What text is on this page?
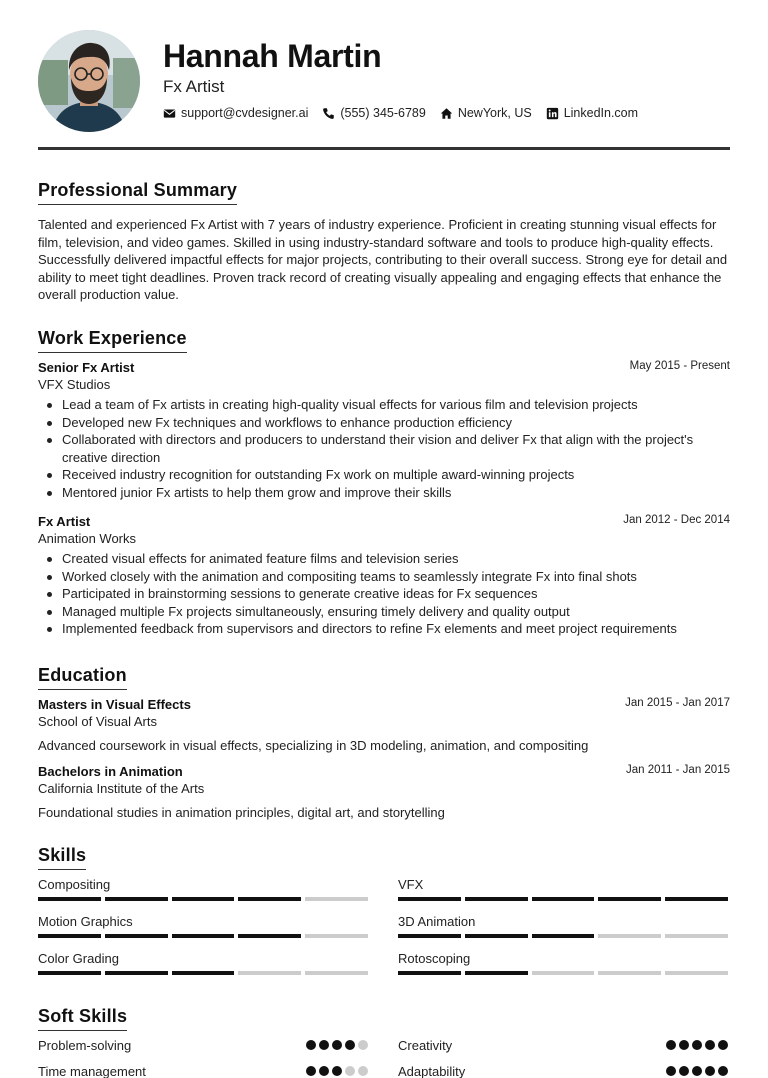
Hannah Martin
Fx Artist
support@cvdesigner.ai	(555) 345-6789	NewYork, US	LinkedIn.com
Professional Summary
Talented and experienced Fx Artist with 7 years of industry experience. Proficient in creating stunning visual effects for film, television, and video games. Skilled in using industry-standard software and tools to produce high-quality effects. Successfully delivered impactful effects for major projects, contributing to their overall success. Strong eye for detail and ability to meet tight deadlines. Proven track record of creating visually appealing and engaging effects that enhance the overall production value.
Work Experience
Senior Fx Artist	May 2015 - Present
VFX Studios
Lead a team of Fx artists in creating high-quality visual effects for various film and television projects
Developed new Fx techniques and workflows to enhance production efficiency
Collaborated with directors and producers to understand their vision and deliver Fx that align with the project's creative direction
Received industry recognition for outstanding Fx work on multiple award-winning projects
Mentored junior Fx artists to help them grow and improve their skills
Fx Artist	Jan 2012 - Dec 2014
Animation Works
Created visual effects for animated feature films and television series
Worked closely with the animation and compositing teams to seamlessly integrate Fx into final shots
Participated in brainstorming sessions to generate creative ideas for Fx sequences
Managed multiple Fx projects simultaneously, ensuring timely delivery and quality output
Implemented feedback from supervisors and directors to refine Fx elements and meet project requirements
Education
Masters in Visual Effects	Jan 2015 - Jan 2017
School of Visual Arts
Advanced coursework in visual effects, specializing in 3D modeling, animation, and compositing
Bachelors in Animation	Jan 2011 - Jan 2015
California Institute of the Arts
Foundational studies in animation principles, digital art, and storytelling
Skills
Compositing	VFX
Motion Graphics	3D Animation
Color Grading	Rotoscoping
Soft Skills
Problem-solving	Creativity
Time management	Adaptability
